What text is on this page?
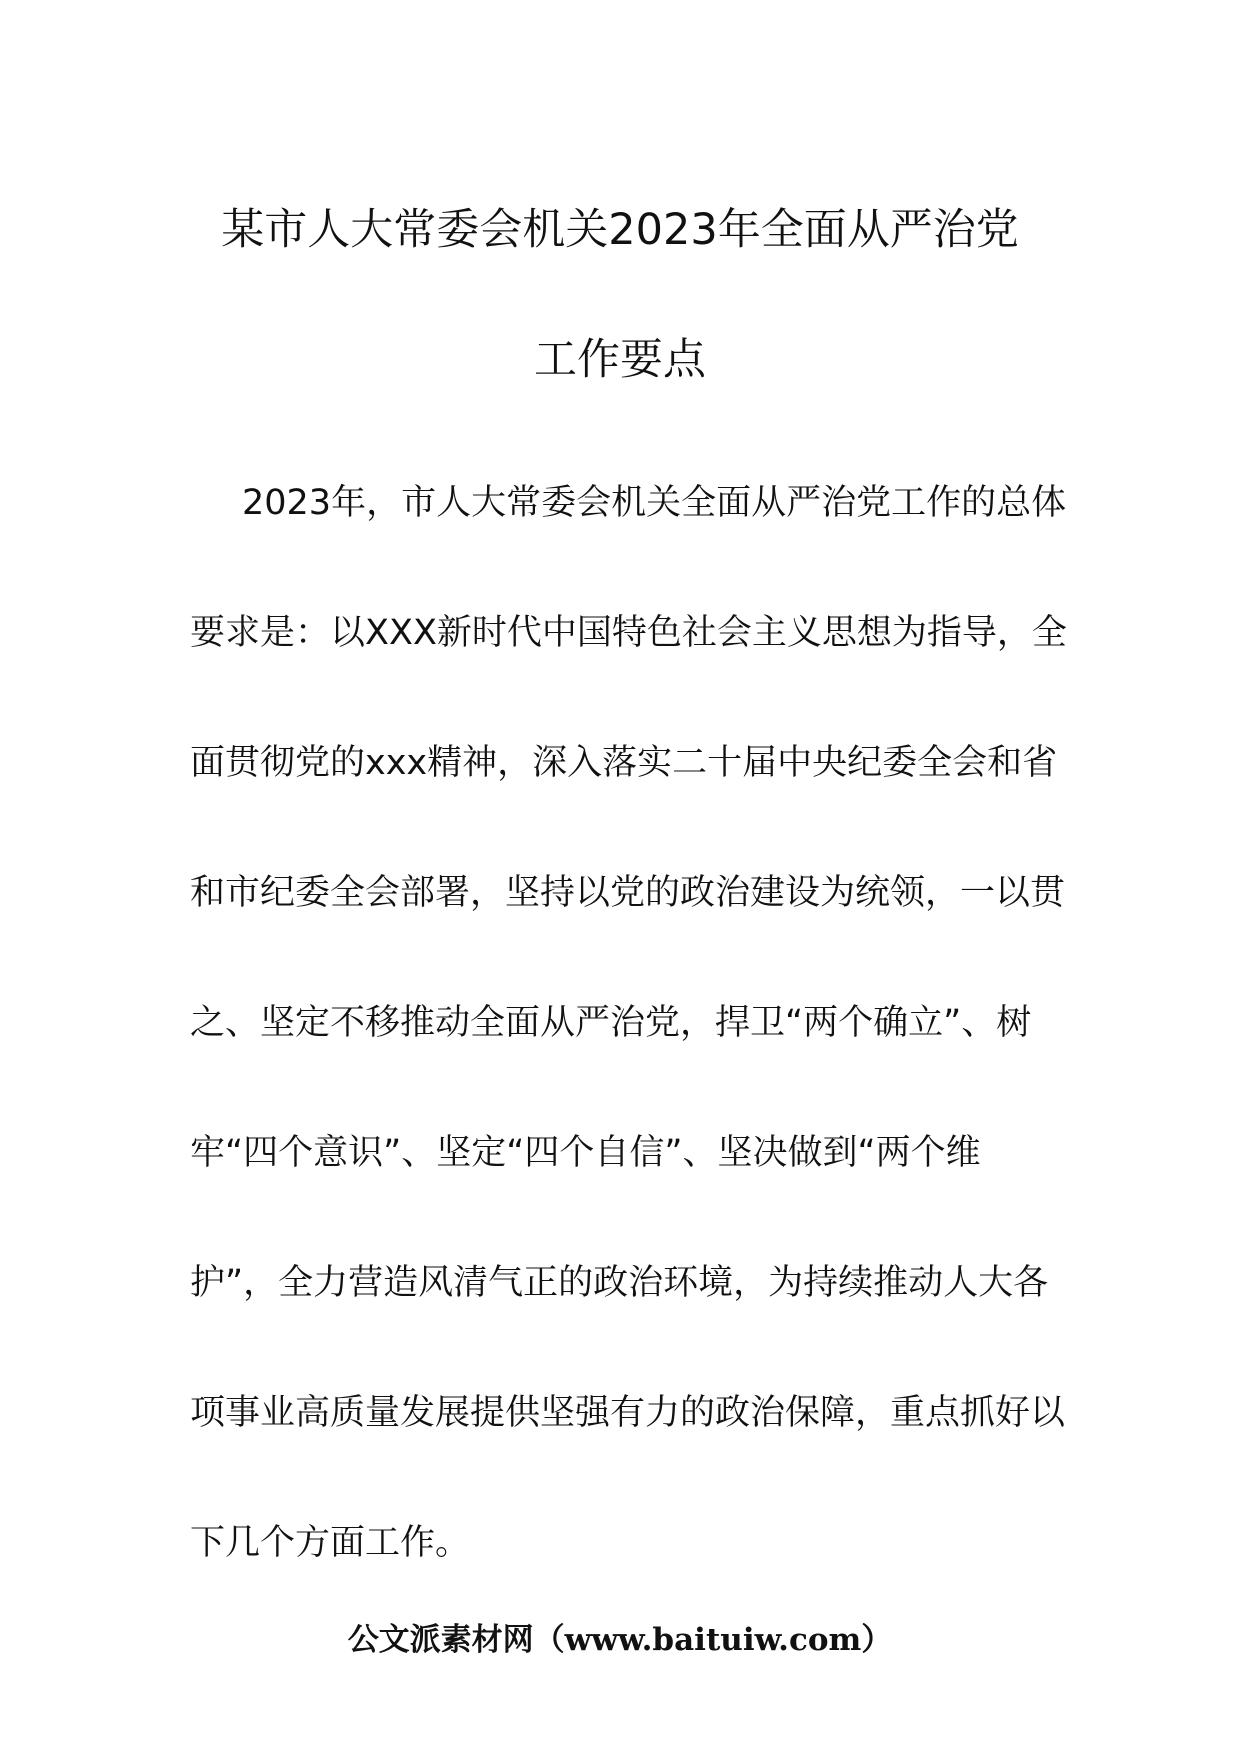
某市人大常委会机关2023年全面从严治党
工作要点
2023年，市人大常委会机关全面从严治党工作的总体
要求是：以XXX新时代中国特色社会主义思想为指导，全
面贯彻党的xxx精神，深入落实二十届中央纪委全会和省
和市纪委全会部署，坚持以党的政治建设为统领，一以贯
之、坚定不移推动全面从严治党，捍卫“两个确立”、树
牢“四个意识”、坚定“四个自信”、坚决做到“两个维
护”，全力营造风清气正的政治环境，为持续推动人大各
项事业高质量发展提供坚强有力的政治保障，重点抓好以
下几个方面工作。
公文派素材网（www.baituiw.com）
